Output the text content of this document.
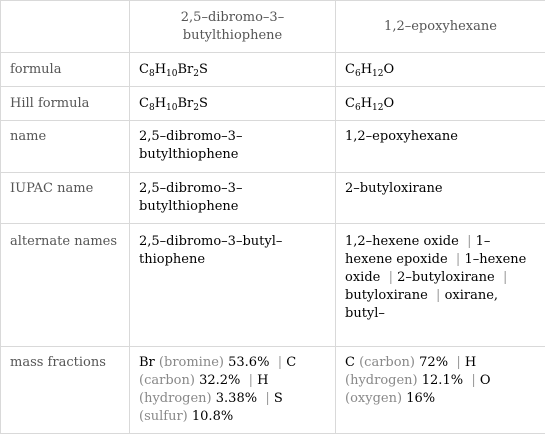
	2,5–dibromo–3–butylthiophene	1,2–epoxyhexane
formula	$C_8H_{10}Br_2S$	$C_6H_{12}O$
Hill formula	$C_8H_{10}Br_2S$	$C_6H_{12}O$
name	2,5–dibromo–3–butylthiophene	1,2–epoxyhexane
IUPAC name	2,5–dibromo–3–butylthiophene	2–butyloxirane
alternate names	2,5–dibromo–3–butyl–thiophene	1,2–hexene oxide | 1–hexene epoxide | 1–hexene oxide | 2–butyloxirane | butyloxirane | oxirane, butyl–
mass fractions	Br (bromine) 53.6% | C (carbon) 32.2% | H (hydrogen) 3.38% | S (sulfur) 10.8%	C (carbon) 72% | H (hydrogen) 12.1% | O (oxygen) 16%
